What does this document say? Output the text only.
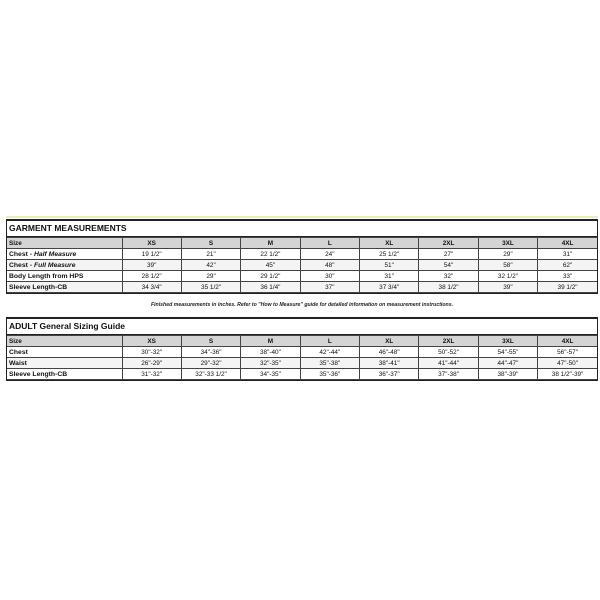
GARMENT MEASUREMENTS
Size	XS	S	M	L	XL	2XL	3XL	4XL
Chest - Half Measure	19 1/2"	21"	22 1/2"	24"	25 1/2"	27"	29"	31"
Chest - Full Measure	39"	42"	45"	48"	51"	54"	58"	62"
Body Length from HPS	28 1/2"	29"	29 1/2"	30"	31"	32"	32 1/2"	33"
Sleeve Length-CB	34 3/4"	35 1/2"	36 1/4"	37"	37 3/4"	38 1/2"	39"	39 1/2"
Finished measurements in inches. Refer to "How to Measure" guide for detailed information on measurement instructions.
ADULT General Sizing Guide
Size	XS	S	M	L	XL	2XL	3XL	4XL
Chest	30"-32"	34"-36"	38"-40"	42"-44"	46"-48"	50"-52"	54"-55"	56"-57"
Waist	26"-29"	29"-32"	32"-35"	35"-38"	38"-41"	41"-44"	44"-47"	47"-50"
Sleeve Length-CB	31"-32"	32"-33 1/2"	34"-35"	35"-36"	36"-37"	37"-38"	38"-39"	38 1/2"-39"
